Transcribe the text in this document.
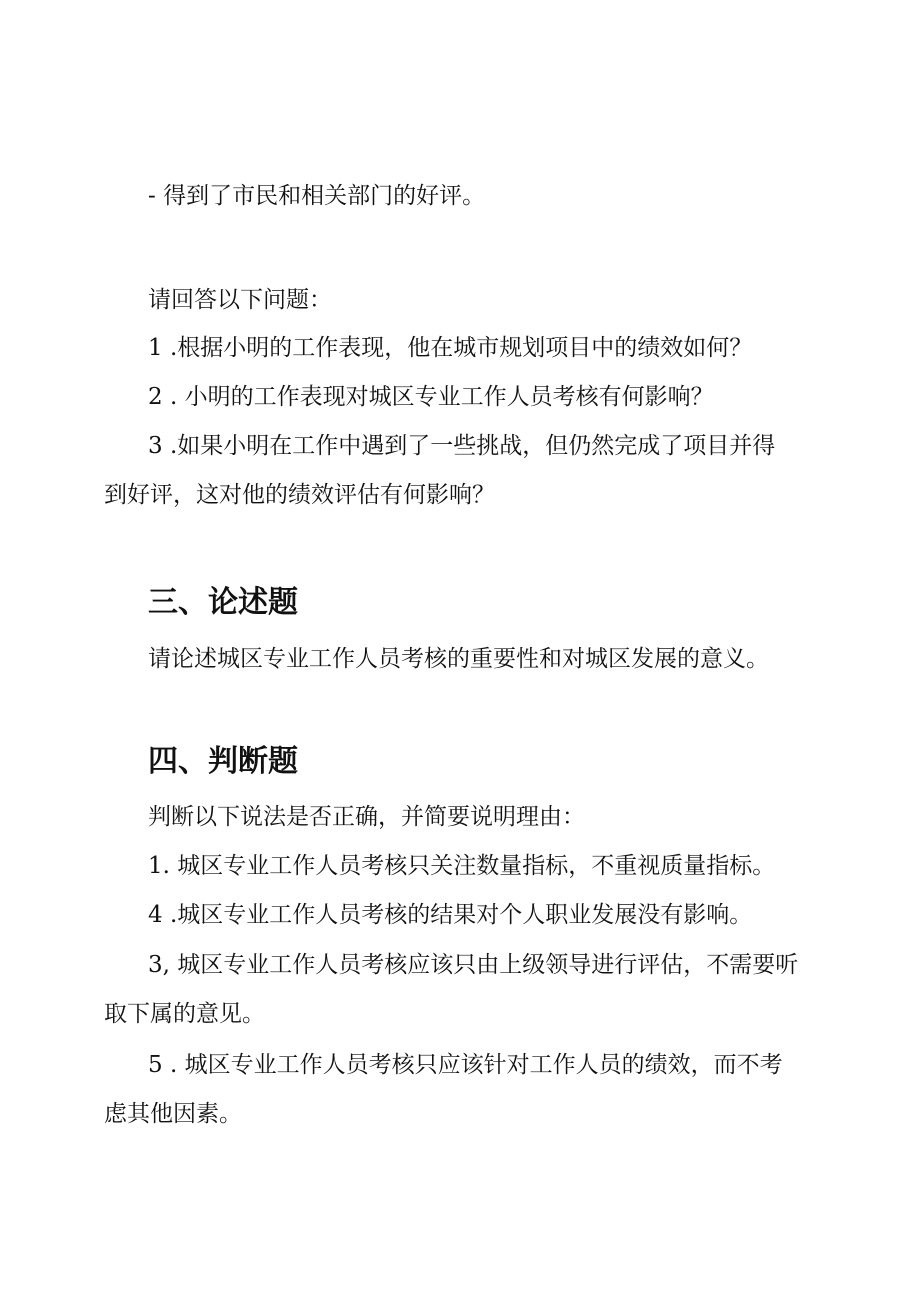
- 得到了市民和相关部门的好评。
请回答以下问题：
1 .根据小明的工作表现，他在城市规划项目中的绩效如何？
2 . 小明的工作表现对城区专业工作人员考核有何影响？
3 .如果小明在工作中遇到了一些挑战，但仍然完成了项目并得
到好评，这对他的绩效评估有何影响？
三、论述题
请论述城区专业工作人员考核的重要性和对城区发展的意义。
四、判断题
判断以下说法是否正确，并简要说明理由：
1. 城区专业工作人员考核只关注数量指标，不重视质量指标。
4 .城区专业工作人员考核的结果对个人职业发展没有影响。
3, 城区专业工作人员考核应该只由上级领导进行评估，不需要听
取下属的意见。
5 . 城区专业工作人员考核只应该针对工作人员的绩效，而不考
虑其他因素。
